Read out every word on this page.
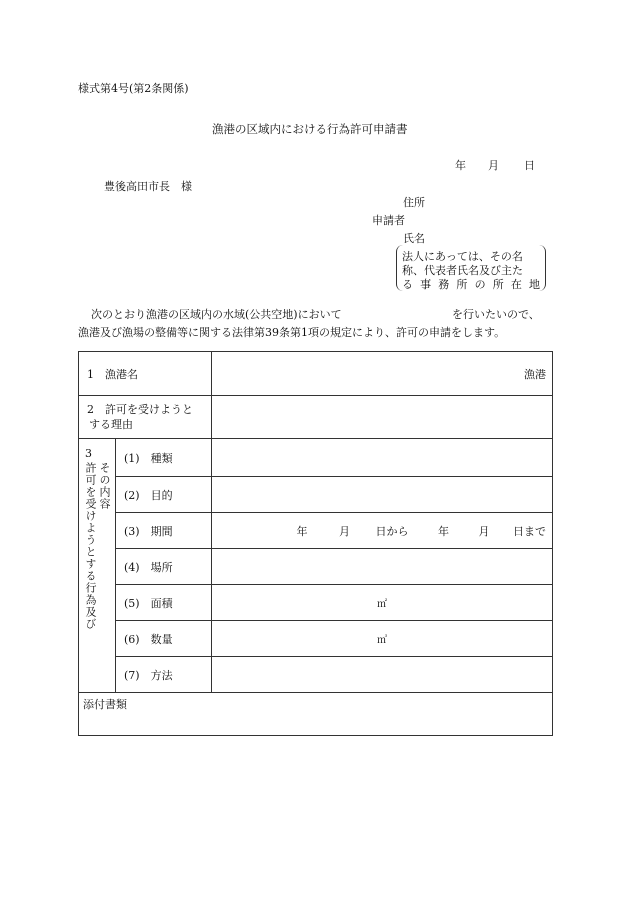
様式第4号(第2条関係)
漁港の区域内における行為許可申請書
年 月 日
豊後高田市長　様
住所
申請者
氏名
法人にあっては、その名
称、代表者氏名及び主た
る事務所の所在地
次のとおり漁港の区域内の水域(公共空地)において	を行いたいので、
漁港及び漁場の整備等に関する法律第39条第1項の規定により、許可の申請をします。
1　漁港名		漁港

2　許可を受けようと
する理由		

3
その内容
許可を受けようとする行為及び	(1)　種類	
	(2)　目的	
	(3)　期間	年 月 日から 年 月 日まで
	(4)　場所	
	(5)　面積	㎡
	(6)　数量	㎥
	(7)　方法	
添付書類		
